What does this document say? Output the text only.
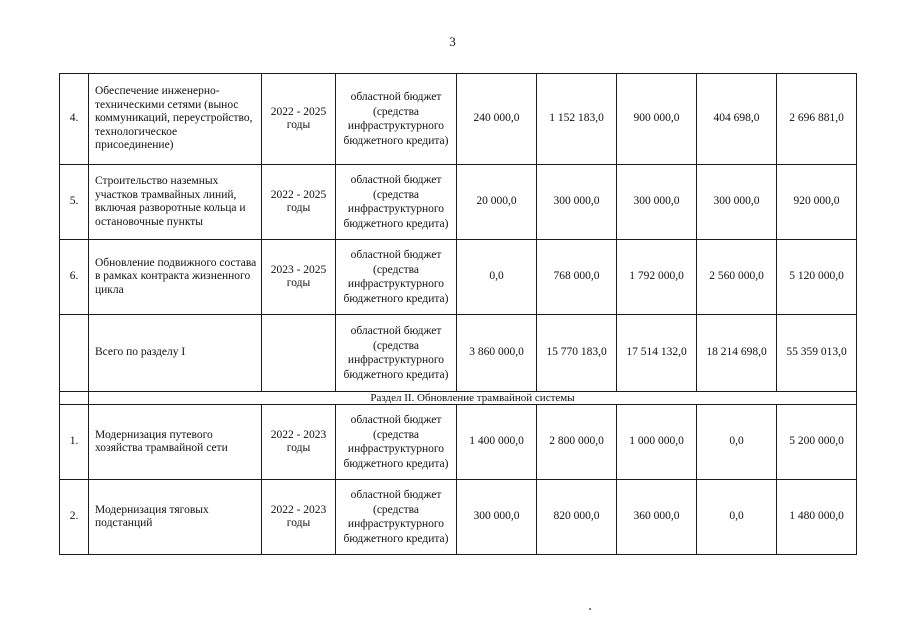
3
4.	Обеспечение инженерно-техническими сетями (вынос коммуникаций, переустройство, технологическое присоединение)	2022 - 2025 годы	областной бюджет (средства инфраструктурного бюджетного кредита)	240 000,0	1 152 183,0	900 000,0	404 698,0	2 696 881,0
5.	Строительство наземных участков трамвайных линий, включая разворотные кольца и остановочные пункты	2022 - 2025 годы	областной бюджет (средства инфраструктурного бюджетного кредита)	20 000,0	300 000,0	300 000,0	300 000,0	920 000,0
6.	Обновление подвижного состава в рамках контракта жизненного цикла	2023 - 2025 годы	областной бюджет (средства инфраструктурного бюджетного кредита)	0,0	768 000,0	1 792 000,0	2 560 000,0	5 120 000,0
	Всего по разделу I		областной бюджет (средства инфраструктурного бюджетного кредита)	3 860 000,0	15 770 183,0	17 514 132,0	18 214 698,0	55 359 013,0
	Раздел II. Обновление трамвайной системы							
1.	Модернизация путевого хозяйства трамвайной сети	2022 - 2023 годы	областной бюджет (средства инфраструктурного бюджетного кредита)	1 400 000,0	2 800 000,0	1 000 000,0	0,0	5 200 000,0
2.	Модернизация тяговых подстанций	2022 - 2023 годы	областной бюджет (средства инфраструктурного бюджетного кредита)	300 000,0	820 000,0	360 000,0	0,0	1 480 000,0
